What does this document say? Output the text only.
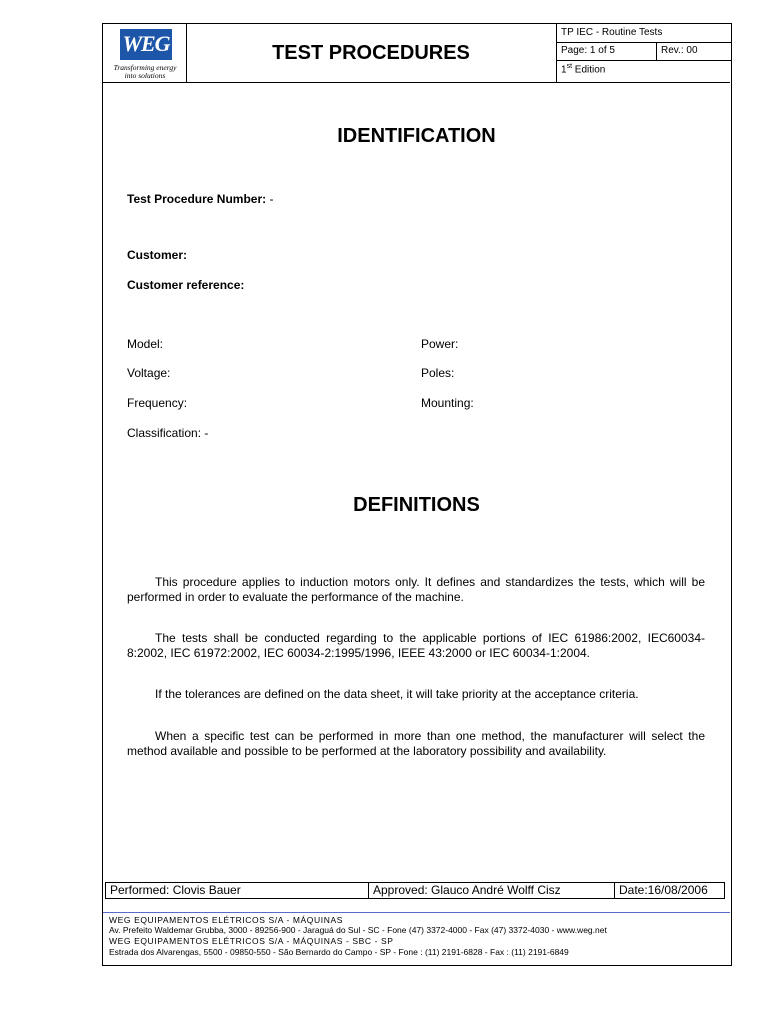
WEG
Transforming energy
into solutions
TEST PROCEDURES
TP IEC - Routine Tests
Page: 1 of 5	Rev.: 00
1st Edition
IDENTIFICATION
Test Procedure Number: -
Customer:
Customer reference:
Model:	Power:
Voltage:	Poles:
Frequency:	Mounting:
Classification: -
DEFINITIONS
This procedure applies to induction motors only. It defines and standardizes the tests, which will be performed in order to evaluate the performance of the machine.
The tests shall be conducted regarding to the applicable portions of IEC 61986:2002, IEC60034-8:2002, IEC 61972:2002, IEC 60034-2:1995/1996, IEEE 43:2000 or IEC 60034-1:2004.
If the tolerances are defined on the data sheet, it will take priority at the acceptance criteria.
When a specific test can be performed in more than one method, the manufacturer will select the method available and possible to be performed at the laboratory possibility and availability.
Performed: Clovis Bauer	Approved: Glauco André Wolff Cisz	Date:16/08/2006
WEG EQUIPAMENTOS ELÉTRICOS S/A - MÁQUINAS
Av. Prefeito Waldemar Grubba, 3000 - 89256-900 - Jaraguá do Sul - SC - Fone (47) 3372-4000 - Fax (47) 3372-4030 - www.weg.net
WEG EQUIPAMENTOS ELÉTRICOS S/A - MÁQUINAS - SBC - SP
Estrada dos Alvarengas, 5500 - 09850-550 - São Bernardo do Campo - SP - Fone : (11) 2191-6828 - Fax : (11) 2191-6849
